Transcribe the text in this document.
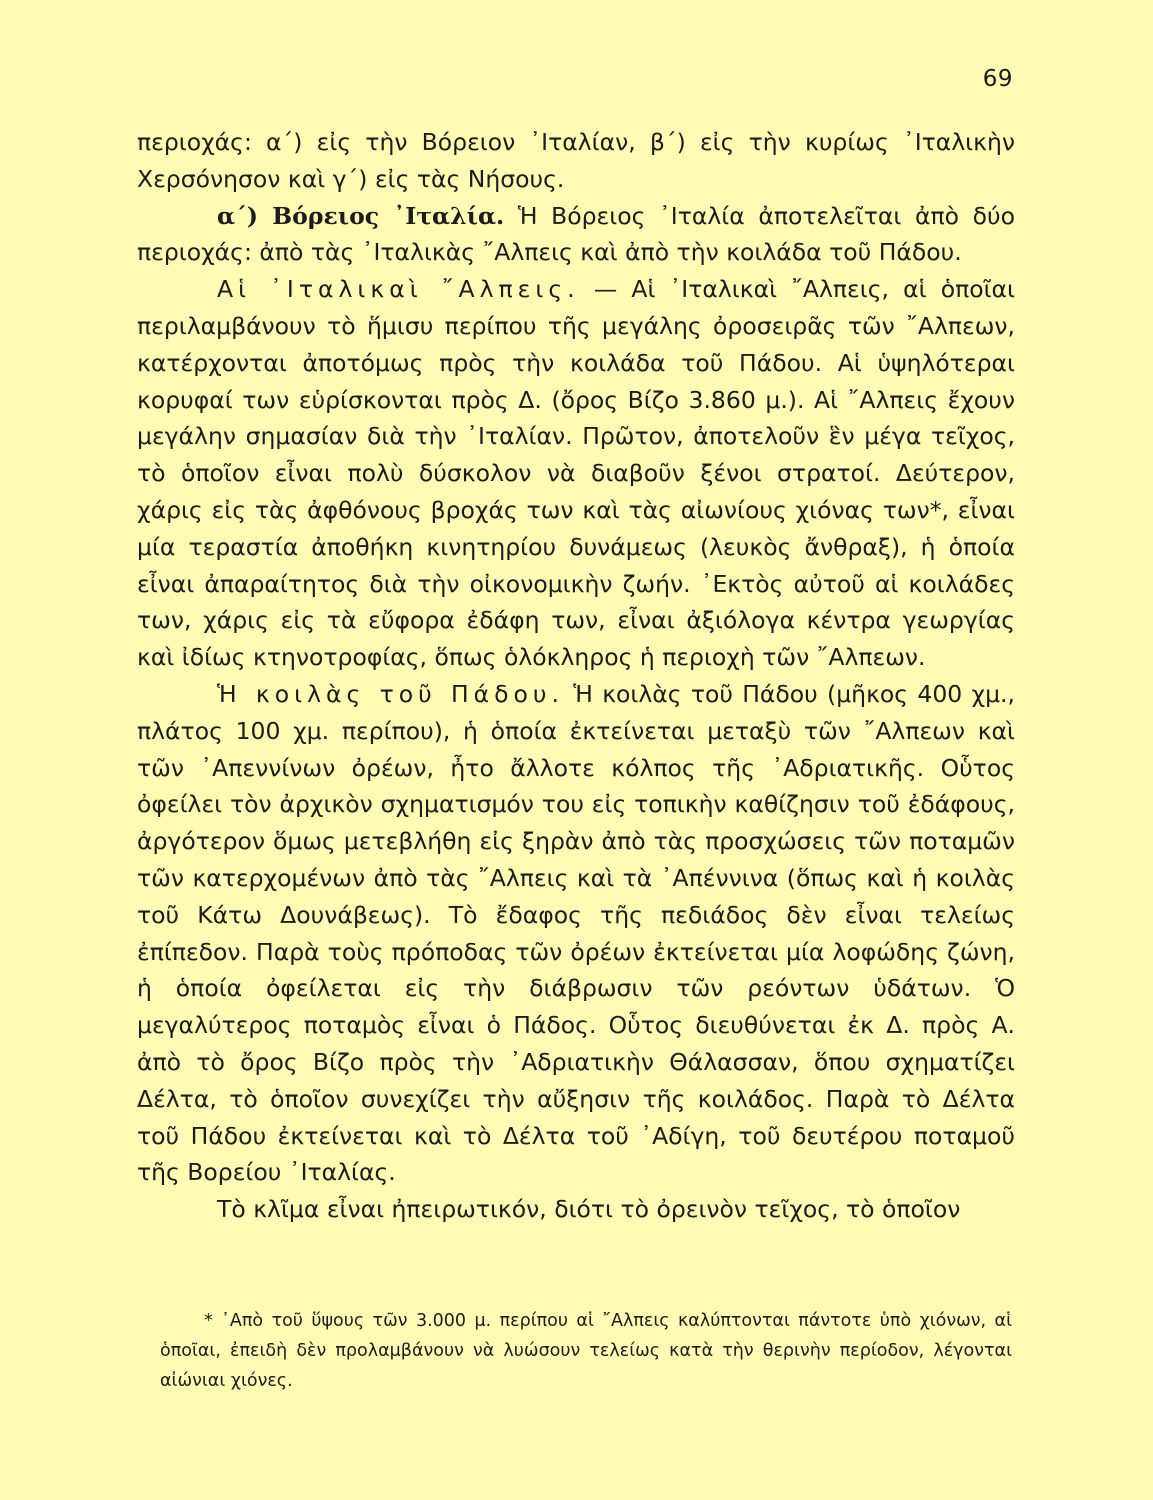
69

περιοχάς: α΄) εἰς τὴν Βόρειον ᾿Ιταλίαν, β΄) εἰς τὴν κυρίως ᾿Ιταλικὴν Χερσόνησον καὶ γ΄) εἰς τὰς Νήσους.

α΄) Βόρειος ᾿Ιταλία. Ἡ Βόρειος ᾿Ιταλία ἀποτελεῖται ἀπὸ δύο περιοχάς: ἀπὸ τὰς ᾿Ιταλικὰς ῎Αλπεις καὶ ἀπὸ τὴν κοιλάδα τοῦ Πάδου.

Αἱ ᾿Ιταλικαὶ ῎Αλπεις. — Αἱ ᾿Ιταλικαὶ ῎Αλπεις, αἱ ὁποῖαι περιλαμβάνουν τὸ ἥμισυ περίπου τῆς μεγάλης ὀροσειρᾶς τῶν ῎Αλπεων, κατέρχονται ἀποτόμως πρὸς τὴν κοιλάδα τοῦ Πάδου. Αἱ ὑψηλότεραι κορυφαί των εὑρίσκονται πρὸς Δ. (ὄρος Βίζο 3.860 μ.). Αἱ ῎Αλπεις ἔχουν μεγάλην σημασίαν διὰ τὴν ᾿Ιταλίαν. Πρῶτον, ἀποτελοῦν ἓν μέγα τεῖχος, τὸ ὁποῖον εἶναι πολὺ δύσκολον νὰ διαβοῦν ξένοι στρατοί. Δεύτερον, χάρις εἰς τὰς ἀφθόνους βροχάς των καὶ τὰς αἰωνίους χιόνας των*, εἶναι μία τεραστία ἀποθήκη κινητηρίου δυνάμεως (λευκὸς ἄνθραξ), ἡ ὁποία εἶναι ἀπαραίτητος διὰ τὴν οἰκονομικὴν ζωήν. ᾿Εκτὸς αὐτοῦ αἱ κοιλάδες των, χάρις εἰς τὰ εὔφορα ἐδάφη των, εἶναι ἀξιόλογα κέντρα γεωργίας καὶ ἰδίως κτηνοτροφίας, ὅπως ὁλόκληρος ἡ περιοχὴ τῶν ῎Αλπεων.

Ἡ κοιλὰς τοῦ Πάδου. Ἡ κοιλὰς τοῦ Πάδου (μῆκος 400 χμ., πλάτος 100 χμ. περίπου), ἡ ὁποία ἐκτείνεται μεταξὺ τῶν ῎Αλπεων καὶ τῶν ᾿Απεννίνων ὀρέων, ἦτο ἄλλοτε κόλπος τῆς ᾿Αδριατικῆς. Οὗτος ὀφείλει τὸν ἀρχικὸν σχηματισμόν του εἰς τοπικὴν καθίζησιν τοῦ ἐδάφους, ἀργότερον ὅμως μετεβλήθη εἰς ξηρὰν ἀπὸ τὰς προσχώσεις τῶν ποταμῶν τῶν κατερχομένων ἀπὸ τὰς ῎Αλπεις καὶ τὰ ᾿Απέννινα (ὅπως καὶ ἡ κοιλὰς τοῦ Κάτω Δουνάβεως). Τὸ ἔδαφος τῆς πεδιάδος δὲν εἶναι τελείως ἐπίπεδον. Παρὰ τοὺς πρόποδας τῶν ὀρέων ἐκτείνεται μία λοφώδης ζώνη, ἡ ὁποία ὀφείλεται εἰς τὴν διάβρωσιν τῶν ρεόντων ὑδάτων. Ὁ μεγαλύτερος ποταμὸς εἶναι ὁ Πάδος. Οὗτος διευθύνεται ἐκ Δ. πρὸς Α. ἀπὸ τὸ ὄρος Βίζο πρὸς τὴν ᾿Αδριατικὴν Θάλασσαν, ὅπου σχηματίζει Δέλτα, τὸ ὁποῖον συνεχίζει τὴν αὔξησιν τῆς κοιλάδος. Παρὰ τὸ Δέλτα τοῦ Πάδου ἐκτείνεται καὶ τὸ Δέλτα τοῦ ᾿Αδίγη, τοῦ δευτέρου ποταμοῦ τῆς Βορείου ᾿Ιταλίας.

Τὸ κλῖμα εἶναι ἠπειρωτικόν, διότι τὸ ὀρεινὸν τεῖχος, τὸ ὁποῖον

* ᾿Απὸ τοῦ ὕψους τῶν 3.000 μ. περίπου αἱ ῎Αλπεις καλύπτονται πάντοτε ὑπὸ χιόνων, αἱ ὁποῖαι, ἐπειδὴ δὲν προλαμβάνουν νὰ λυώσουν τελείως κατὰ τὴν θερινὴν περίοδον, λέγονται αἰώνιαι χιόνες.
